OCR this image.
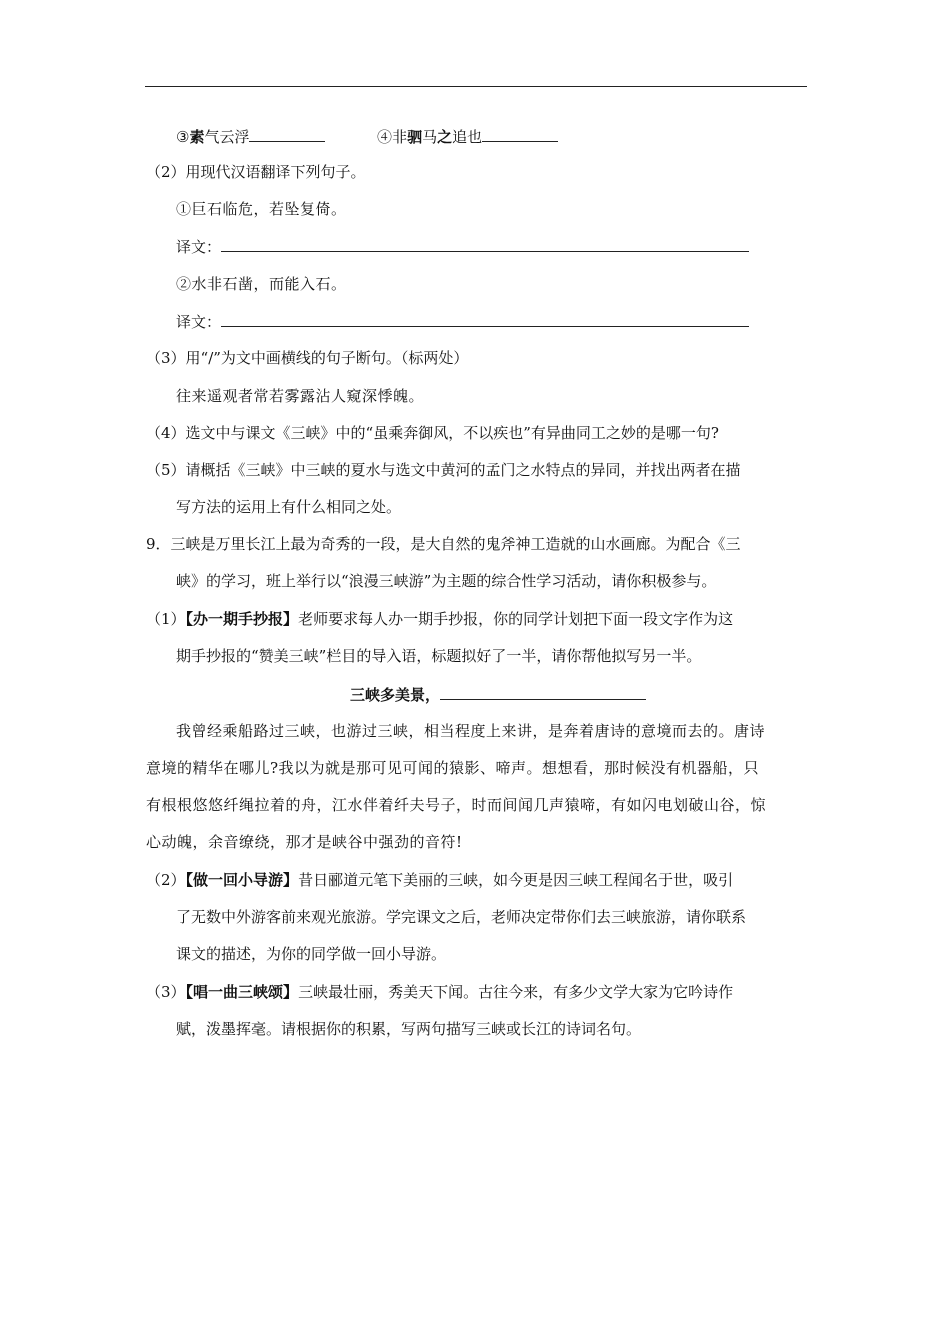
③素气云浮	④非驷马之追也
（2）用现代汉语翻译下列句子。
①巨石临危，若坠复倚。
译文：
②水非石凿，而能入石。
译文：
（3）用“/”为文中画横线的句子断句。（标两处）
往来遥观者常若雾露沾人窥深悸魄。
（4）选文中与课文《三峡》中的“虽乘奔御风，不以疾也”有异曲同工之妙的是哪一句?
（5）请概括《三峡》中三峡的夏水与选文中黄河的孟门之水特点的异同，并找出两者在描
写方法的运用上有什么相同之处。
9．三峡是万里长江上最为奇秀的一段，是大自然的鬼斧神工造就的山水画廊。为配合《三
峡》的学习，班上举行以“浪漫三峡游”为主题的综合性学习活动，请你积极参与。
（1）【办一期手抄报】老师要求每人办一期手抄报，你的同学计划把下面一段文字作为这
期手抄报的“赞美三峡”栏目的导入语，标题拟好了一半，请你帮他拟写另一半。
三峡多美景，
我曾经乘船路过三峡，也游过三峡，相当程度上来讲，是奔着唐诗的意境而去的。唐诗
意境的精华在哪儿?我以为就是那可见可闻的猿影、啼声。想想看，那时候没有机器船，只
有根根悠悠纤绳拉着的舟，江水伴着纤夫号子，时而间闻几声猿啼，有如闪电划破山谷，惊
心动魄，余音缭绕，那才是峡谷中强劲的音符!
（2）【做一回小导游】昔日郦道元笔下美丽的三峡，如今更是因三峡工程闻名于世，吸引
了无数中外游客前来观光旅游。学完课文之后，老师决定带你们去三峡旅游，请你联系
课文的描述，为你的同学做一回小导游。
（3）【唱一曲三峡颂】三峡最壮丽，秀美天下闻。古往今来，有多少文学大家为它吟诗作
赋，泼墨挥毫。请根据你的积累，写两句描写三峡或长江的诗词名句。
